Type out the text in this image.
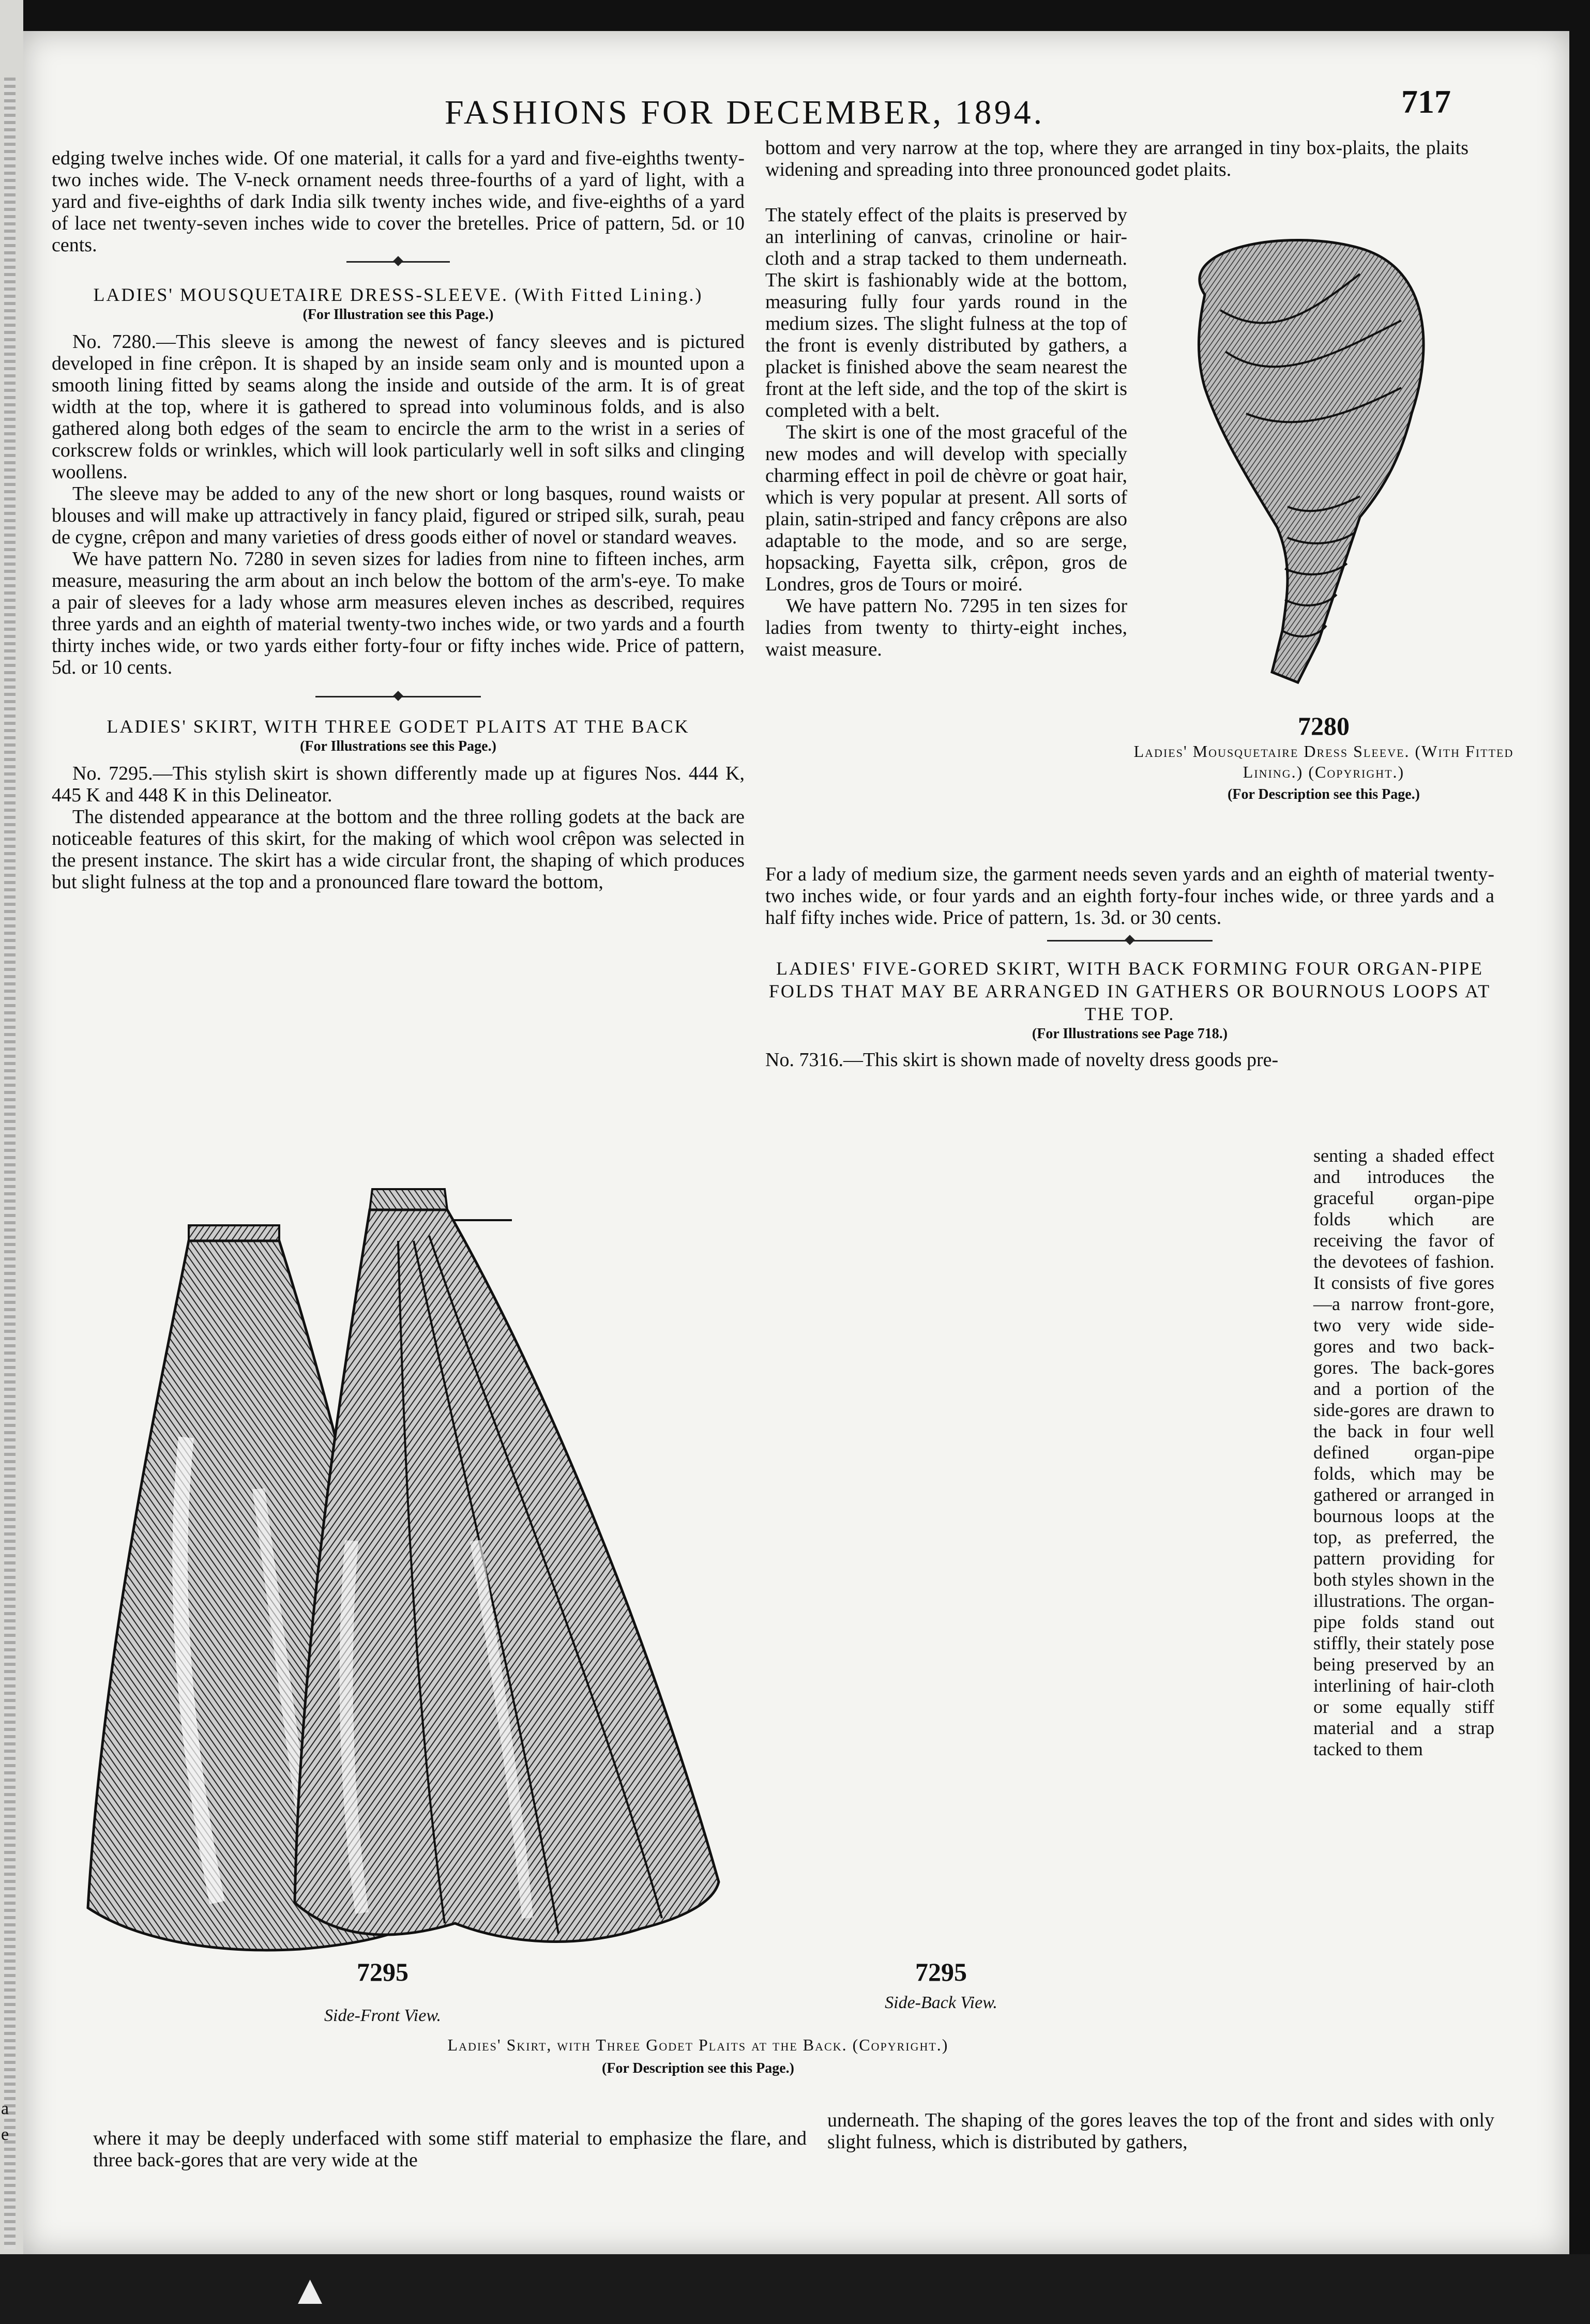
a
e
FASHIONS FOR DECEMBER, 1894.	717

edging twelve inches wide. Of one material, it calls for a yard and five-eighths twenty-two inches wide. The V-neck ornament needs three-fourths of a yard of light, with a yard and five-eighths of dark India silk twenty inches wide, and five-eighths of a yard of lace net twenty-seven inches wide to cover the bretelles. Price of pattern, 5d. or 10 cents.

LADIES' MOUSQUETAIRE DRESS-SLEEVE. (With Fitted Lining.)
(For Illustration see this Page.)

No. 7280.—This sleeve is among the newest of fancy sleeves and is pictured developed in fine crêpon. It is shaped by an inside seam only and is mounted upon a smooth lining fitted by seams along the inside and outside of the arm. It is of great width at the top, where it is gathered to spread into voluminous folds, and is also gathered along both edges of the seam to encircle the arm to the wrist in a series of corkscrew folds or wrinkles, which will look particularly well in soft silks and clinging woollens.

The sleeve may be added to any of the new short or long basques, round waists or blouses and will make up attractively in fancy plaid, figured or striped silk, surah, peau de cygne, crêpon and many varieties of dress goods either of novel or standard weaves.

We have pattern No. 7280 in seven sizes for ladies from nine to fifteen inches, arm measure, measuring the arm about an inch below the bottom of the arm's-eye. To make a pair of sleeves for a lady whose arm measures eleven inches as described, requires three yards and an eighth of material twenty-two inches wide, or two yards and a fourth thirty inches wide, or two yards either forty-four or fifty inches wide. Price of pattern, 5d. or 10 cents.

LADIES' SKIRT, WITH THREE GODET PLAITS AT THE BACK
(For Illustrations see this Page.)

No. 7295.—This stylish skirt is shown differently made up at figures Nos. 444 K, 445 K and 448 K in this Delineator.

The distended appearance at the bottom and the three rolling godets at the back are noticeable features of this skirt, for the making of which wool crêpon was selected in the present instance. The skirt has a wide circular front, the shaping of which produces but slight fulness at the top and a pronounced flare toward the bottom,

bottom and very narrow at the top, where they are arranged in tiny box-plaits, the plaits widening and spreading into three pronounced godet plaits.

The stately effect of the plaits is preserved by an interlining of canvas, crinoline or hair-cloth and a strap tacked to them underneath. The skirt is fashionably wide at the bottom, measuring fully four yards round in the medium sizes. The slight fulness at the top of the front is evenly distributed by gathers, a placket is finished above the seam nearest the front at the left side, and the top of the skirt is completed with a belt.

The skirt is one of the most graceful of the new modes and will develop with specially charming effect in poil de chèvre or goat hair, which is very popular at present. All sorts of plain, satin-striped and fancy crêpons are also adaptable to the mode, and so are serge, hopsacking, Fayetta silk, crêpon, gros de Londres, gros de Tours or moiré.

We have pattern No. 7295 in ten sizes for ladies from twenty to thirty-eight inches, waist measure.

For a lady of medium size, the garment needs seven yards and an eighth of material twenty-two inches wide, or four yards and an eighth forty-four inches wide, or three yards and a half fifty inches wide. Price of pattern, 1s. 3d. or 30 cents.

LADIES' FIVE-GORED SKIRT, WITH BACK FORMING FOUR ORGAN-PIPE FOLDS THAT MAY BE ARRANGED IN GATHERS OR BOURNOUS LOOPS AT THE TOP.
(For Illustrations see Page 718.)

No. 7316.—This skirt is shown made of novelty dress goods pre-

senting a shaded effect and introduces the graceful organ-pipe folds which are receiving the favor of the devotees of fashion. It consists of five gores—a narrow front-gore, two very wide side-gores and two back-gores. The back-gores and a portion of the side-gores are drawn to the back in four well defined organ-pipe folds, which may be gathered or arranged in bournous loops at the top, as preferred, the pattern providing for both styles shown in the illustrations. The organ-pipe folds stand out stiffly, their stately pose being preserved by an interlining of hair-cloth or some equally stiff material and a strap tacked to them

7280
Ladies' Mousquetaire Dress Sleeve. (With Fitted Lining.) (Copyright.)
(For Description see this Page.)
7295
Side-Front View.
7295
Side-Back View.
Ladies' Skirt, with Three Godet Plaits at the Back. (Copyright.)
(For Description see this Page.)

where it may be deeply underfaced with some stiff material to emphasize the flare, and three back-gores that are very wide at the

underneath. The shaping of the gores leaves the top of the front and sides with only slight fulness, which is distributed by gathers,

▲
